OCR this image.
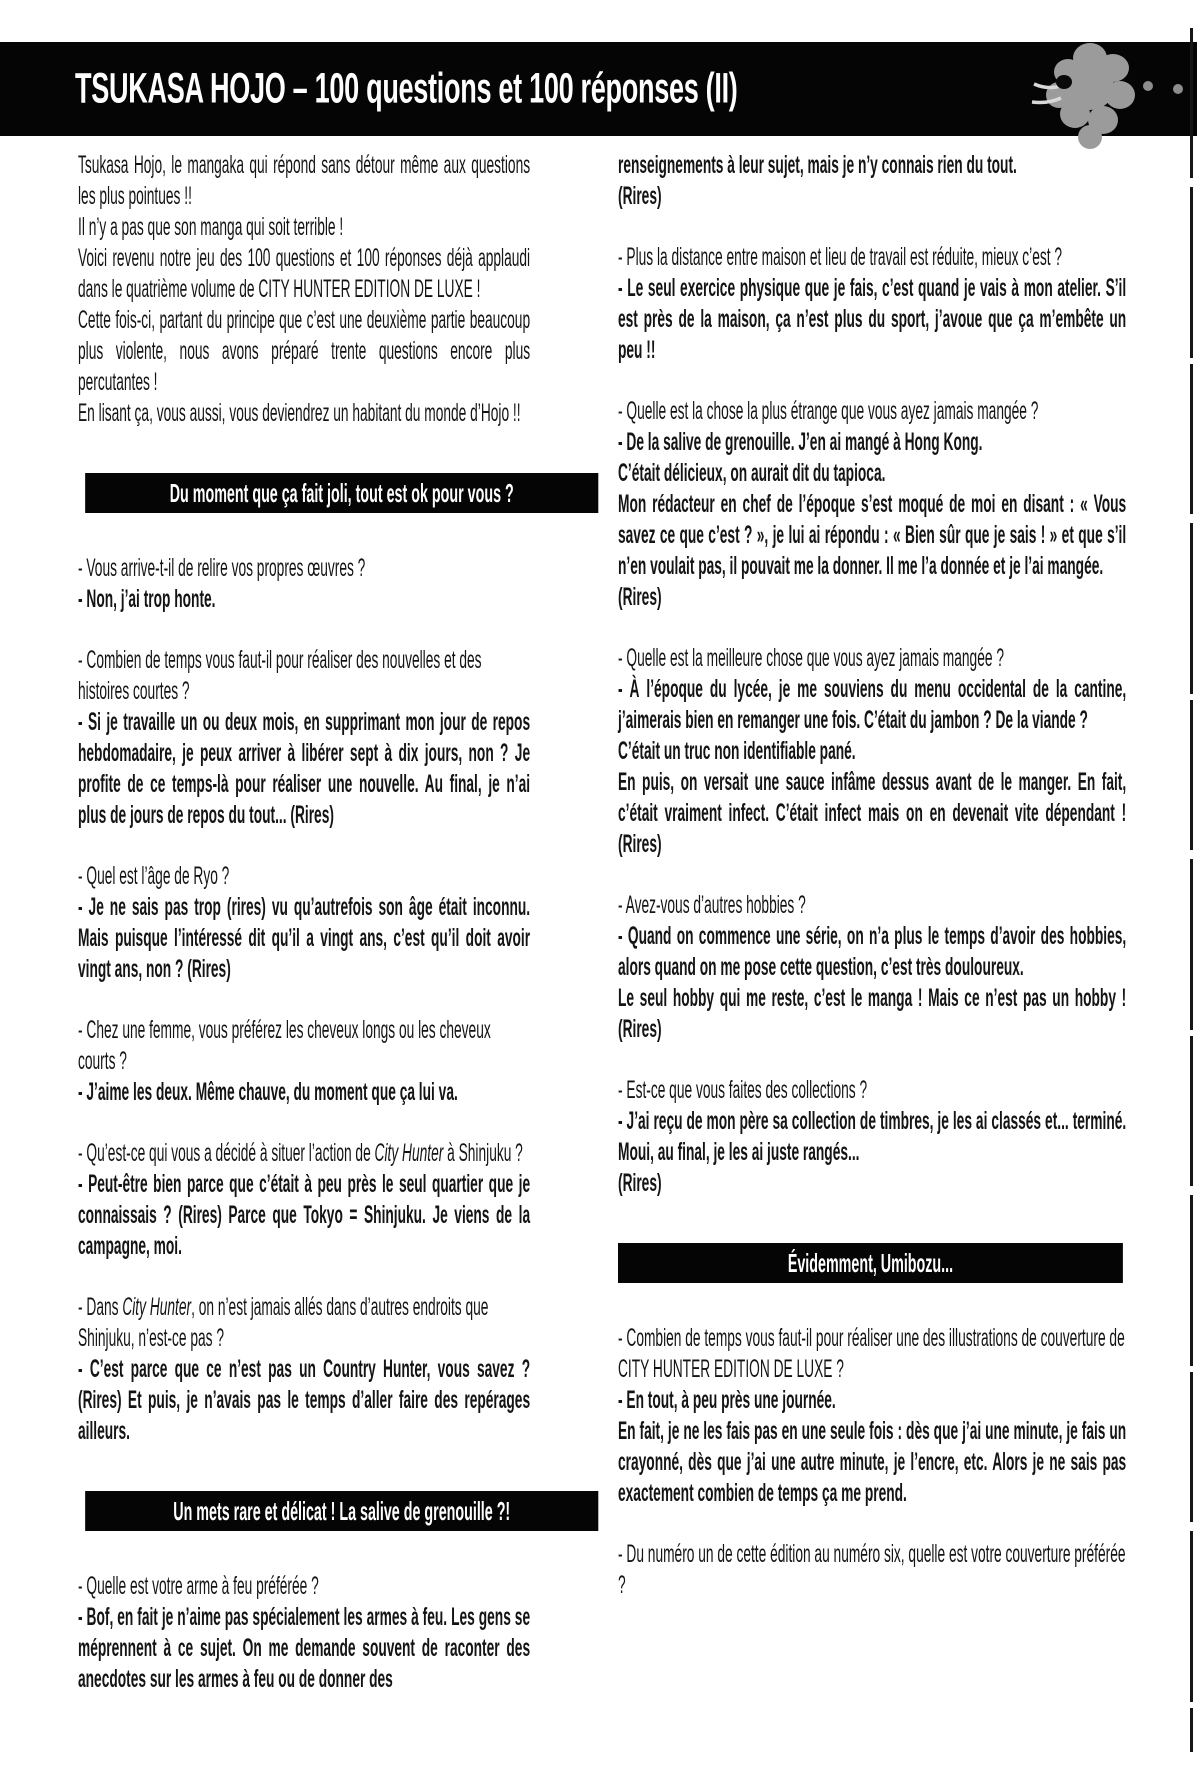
TSUKASA HOJO – 100 questions et 100 réponses (II)
Tsukasa Hojo, le mangaka qui répond sans détour même aux questions les plus pointues !!
Il n’y a pas que son manga qui soit terrible !
Voici revenu notre jeu des 100 questions et 100 réponses déjà applaudi dans le quatrième volume de CITY HUNTER EDITION DE LUXE !
Cette fois-ci, partant du principe que c’est une deuxième partie beaucoup plus violente, nous avons préparé trente questions encore plus percutantes !
En lisant ça, vous aussi, vous deviendrez un habitant du monde d’Hojo !!
Du moment que ça fait joli, tout est ok pour vous ?
- Vous arrive-t-il de relire vos propres œuvres ?
- Non, j’ai trop honte.
- Combien de temps vous faut-il pour réaliser des nouvelles et des histoires courtes ?
- Si je travaille un ou deux mois, en supprimant mon jour de repos hebdomadaire, je peux arriver à libérer sept à dix jours, non ? Je profite de ce temps-là pour réaliser une nouvelle. Au final, je n’ai plus de jours de repos du tout... (Rires)
- Quel est l’âge de Ryo ?
- Je ne sais pas trop (rires) vu qu’autrefois son âge était inconnu. Mais puisque l’intéressé dit qu’il a vingt ans, c’est qu’il doit avoir vingt ans, non ? (Rires)
- Chez une femme, vous préférez les cheveux longs ou les cheveux courts ?
- J’aime les deux. Même chauve, du moment que ça lui va.
- Qu’est-ce qui vous a décidé à situer l’action de City Hunter à Shinjuku ?
- Peut-être bien parce que c’était à peu près le seul quartier que je connaissais ? (Rires) Parce que Tokyo = Shinjuku. Je viens de la campagne, moi.
- Dans City Hunter, on n’est jamais allés dans d’autres endroits que Shinjuku, n’est-ce pas ?
- C’est parce que ce n’est pas un Country Hunter, vous savez ? (Rires) Et puis, je n’avais pas le temps d’aller faire des repérages ailleurs.
Un mets rare et délicat ! La salive de grenouille ?!
- Quelle est votre arme à feu préférée ?
- Bof, en fait je n’aime pas spécialement les armes à feu. Les gens se méprennent à ce sujet. On me demande souvent de raconter des anecdotes sur les armes à feu ou de donner des
renseignements à leur sujet, mais je n’y connais rien du tout.
(Rires)
- Plus la distance entre maison et lieu de travail est réduite, mieux c’est ?
- Le seul exercice physique que je fais, c’est quand je vais à mon atelier. S’il est près de la maison, ça n’est plus du sport, j’avoue que ça m’embête un peu !!
- Quelle est la chose la plus étrange que vous ayez jamais mangée ?
- De la salive de grenouille. J’en ai mangé à Hong Kong.
C’était délicieux, on aurait dit du tapioca.
Mon rédacteur en chef de l’époque s’est moqué de moi en disant : « Vous savez ce que c’est ? », je lui ai répondu : « Bien sûr que je sais ! » et que s’il n’en voulait pas, il pouvait me la donner. Il me l’a donnée et je l’ai mangée.
(Rires)
- Quelle est la meilleure chose que vous ayez jamais mangée ?
- À l’époque du lycée, je me souviens du menu occidental de la cantine, j’aimerais bien en remanger une fois. C’était du jambon ? De la viande ?
C’était un truc non identifiable pané.
En puis, on versait une sauce infâme dessus avant de le manger. En fait, c’était vraiment infect. C’était infect mais on en devenait vite dépendant ! (Rires)
- Avez-vous d’autres hobbies ?
- Quand on commence une série, on n’a plus le temps d’avoir des hobbies, alors quand on me pose cette question, c’est très douloureux.
Le seul hobby qui me reste, c’est le manga ! Mais ce n’est pas un hobby ! (Rires)
- Est-ce que vous faites des collections ?
- J’ai reçu de mon père sa collection de timbres, je les ai classés et... terminé. Moui, au final, je les ai juste rangés...
(Rires)
Évidemment, Umibozu...
- Combien de temps vous faut-il pour réaliser une des illustrations de couverture de CITY HUNTER EDITION DE LUXE ?
- En tout, à peu près une journée.
En fait, je ne les fais pas en une seule fois : dès que j’ai une minute, je fais un crayonné, dès que j’ai une autre minute, je l’encre, etc. Alors je ne sais pas exactement combien de temps ça me prend.
- Du numéro un de cette édition au numéro six, quelle est votre couverture préférée ?
